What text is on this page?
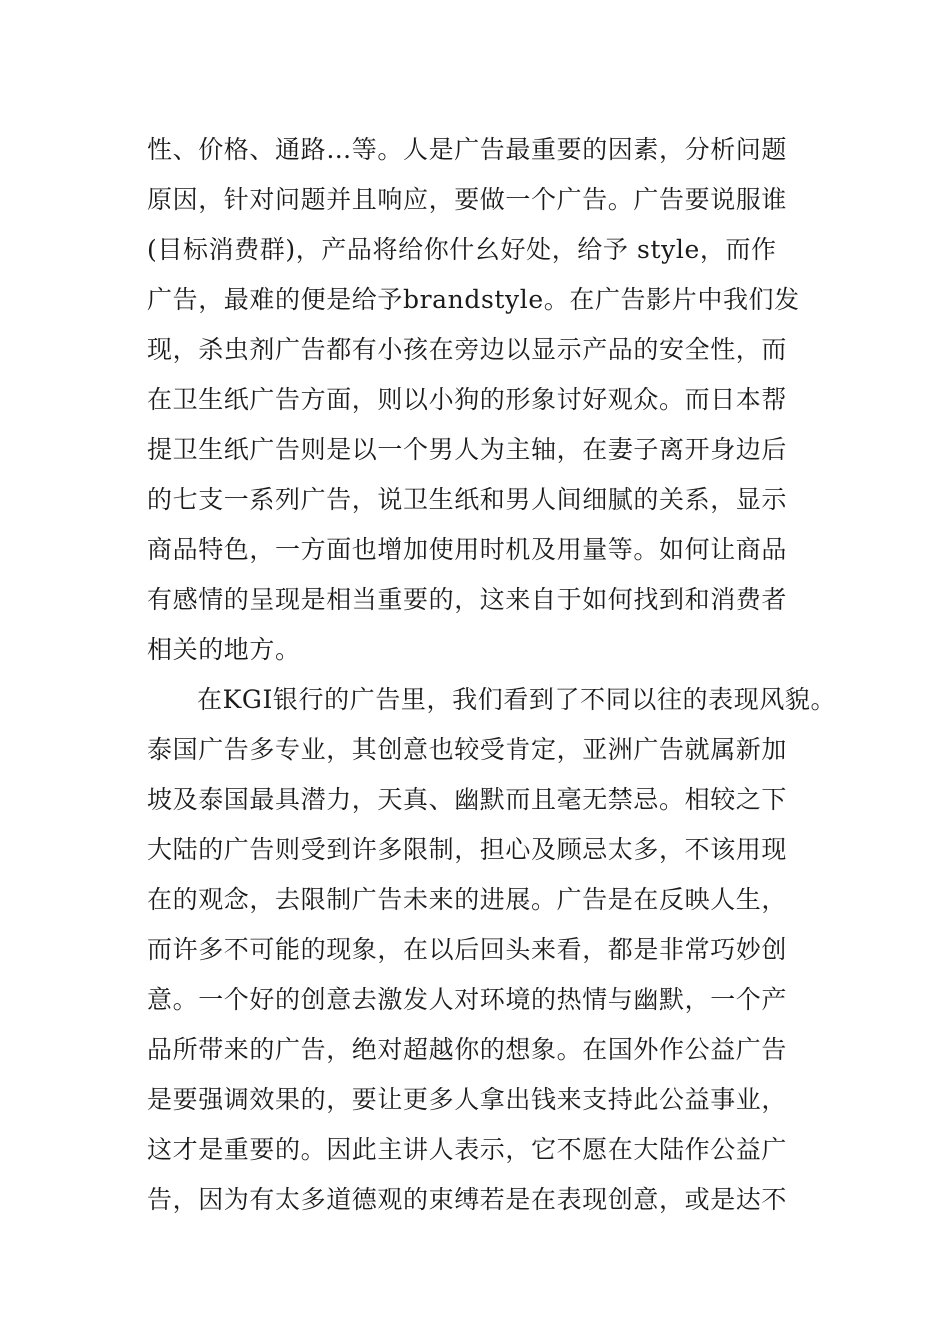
性、价格、通路…等。人是广告最重要的因素，分析问题
原因，针对问题并且响应，要做一个广告。广告要说服谁
(目标消费群)，产品将给你什幺好处，给予 style，而作
广告，最难的便是给予brandstyle。在广告影片中我们发
现，杀虫剂广告都有小孩在旁边以显示产品的安全性，而
在卫生纸广告方面，则以小狗的形象讨好观众。而日本帮
提卫生纸广告则是以一个男人为主轴，在妻子离开身边后
的七支一系列广告，说卫生纸和男人间细腻的关系，显示
商品特色，一方面也增加使用时机及用量等。如何让商品
有感情的呈现是相当重要的，这来自于如何找到和消费者
相关的地方。
在KGI银行的广告里，我们看到了不同以往的表现风貌。
泰国广告多专业，其创意也较受肯定，亚洲广告就属新加
坡及泰国最具潜力，天真、幽默而且毫无禁忌。相较之下
大陆的广告则受到许多限制，担心及顾忌太多，不该用现
在的观念，去限制广告未来的进展。广告是在反映人生，
而许多不可能的现象，在以后回头来看，都是非常巧妙创
意。一个好的创意去激发人对环境的热情与幽默，一个产
品所带来的广告，绝对超越你的想象。在国外作公益广告
是要强调效果的，要让更多人拿出钱来支持此公益事业，
这才是重要的。因此主讲人表示，它不愿在大陆作公益广
告，因为有太多道德观的束缚若是在表现创意，或是达不
